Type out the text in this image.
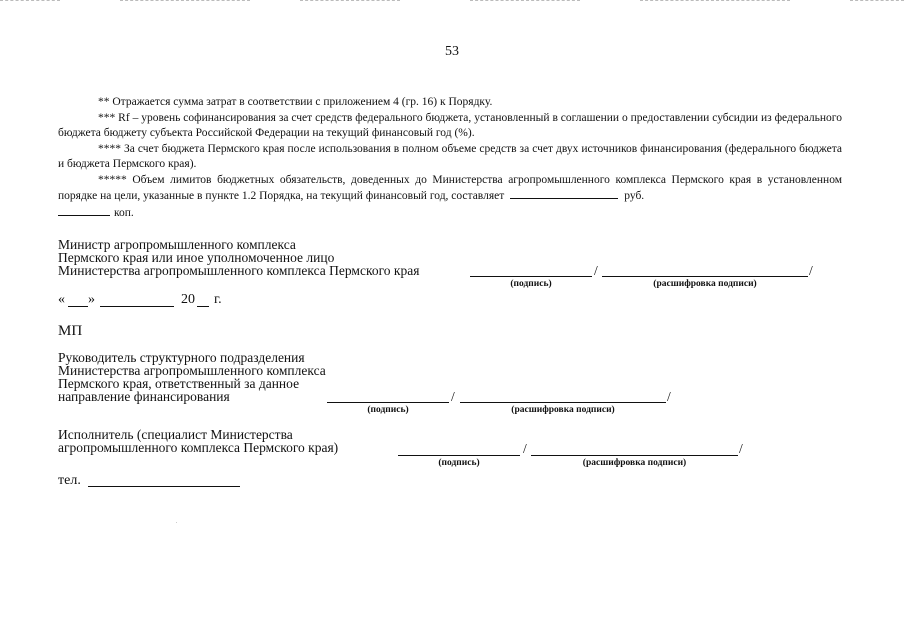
53

** Отражается сумма затрат в соответствии с приложением 4 (гр. 16) к Порядку.

*** Rf – уровень софинансирования за счет средств федерального бюджета, установленный в соглашении о предоставлении субсидии из федерального бюджета бюджету субъекта Российской Федерации на текущий финансовый год (%).

**** За счет бюджета Пермского края после использования в полном объеме средств за счет двух источников финансирования (федерального бюджета и бюджета Пермского края).

***** Объем лимитов бюджетных обязательств, доведенных до Министерства агропромышленного комплекса Пермского края в установленном порядке на цели, указанные в пункте 1.2 Порядка, на текущий финансовый год, составляет	руб.
коп.

Министр агропромышленного комплекса
Пермского края или иное уполномоченное лицо
Министерства агропромышленного комплекса Пермского края	/	/
(подпись)	(расшифровка подписи)
« »	20 г.
МП
Руководитель структурного подразделения
Министерства агропромышленного комплекса
Пермского края, ответственный за данное
направление финансирования	/	/
(подпись)	(расшифровка подписи)
Исполнитель (специалист Министерства
агропромышленного комплекса Пермского края)	/	/
(подпись)	(расшифровка подписи)
тел.
